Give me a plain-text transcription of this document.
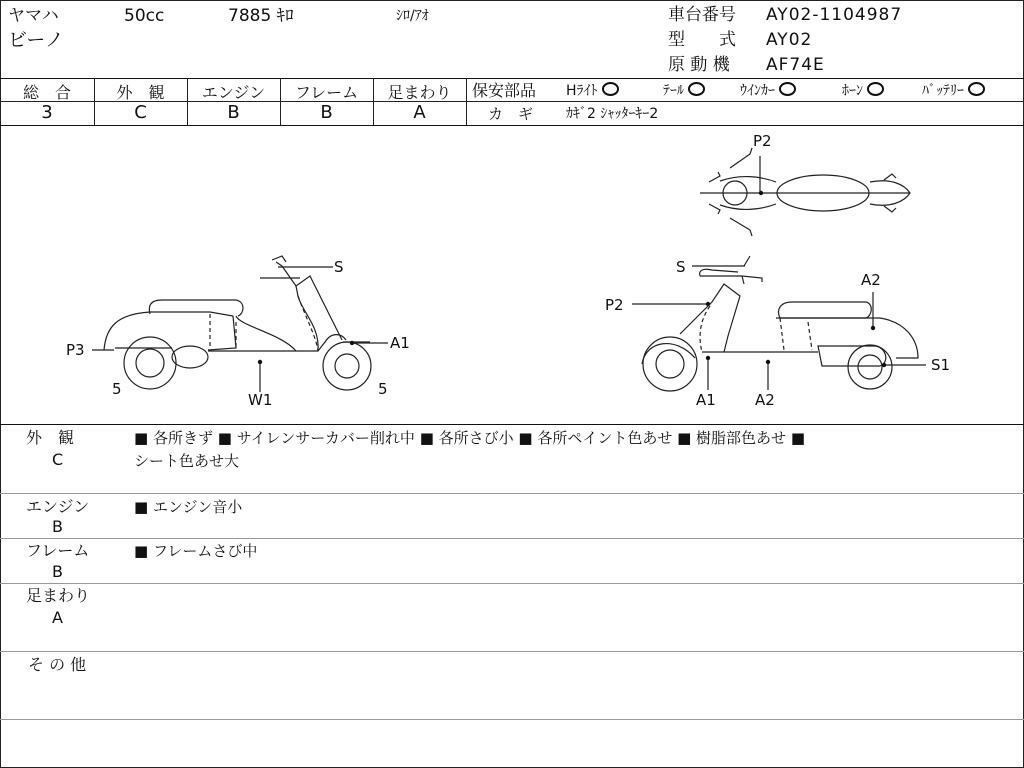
ヤマハ	50cc	7885 ｷﾛ	ｼﾛ/ｱｵ
ビーノ
車台番号 AY02-1104987
型　　式 AY02
原 動 機 AF74E
総　合	外　観	エンジン	フレーム	足まわり
3	C	B	B	A
保安部品 Hﾗｲﾄ	ﾃｰﾙ	ｳｲﾝｶｰ	ﾎｰﾝ	ﾊﾞｯﾃﾘｰ
カ　ギ ｶｷﾞ2 ｼｬｯﾀｰｷｰ2
S
A1
P3
W1
5	5
P2
S
P2
A2
S1
A1	A2
外　観
C
■ 各所きず ■ サイレンサーカバー削れ中 ■ 各所さび小 ■ 各所ペイント色あせ ■ 樹脂部色あせ ■
シート色あせ大
エンジン
B
■ エンジン音小
フレーム
B
■ フレームさび中
足まわり
A
そ の 他
